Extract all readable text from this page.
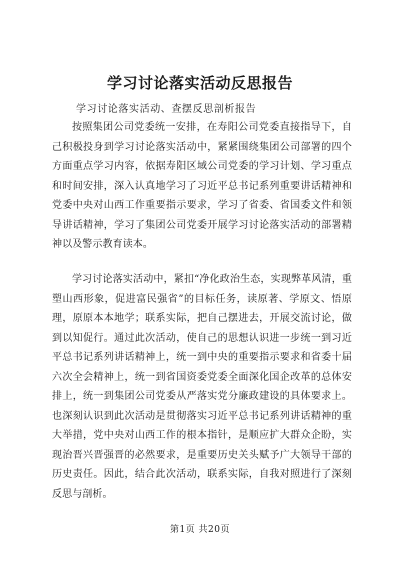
学习讨论落实活动反思报告
学习讨论落实活动、查摆反思剖析报告
按照集团公司党委统一安排，在寿阳公司党委直接指导下，自己积极投身到学习讨论落实活动中，紧紧围绕集团公司部署的四个方面重点学习内容，依据寿阳区域公司党委的学习计划、学习重点和时间安排，深入认真地学习了习近平总书记系列重要讲话精神和党委中央对山西工作重要指示要求，学习了省委、省国委文件和领导讲话精神，学习了集团公司党委开展学习讨论落实活动的部署精神以及警示教育读本。
学习讨论落实活动中，紧扣“净化政治生态，实现弊革风清，重塑山西形象，促进富民强省”的目标任务，读原著、学原文、悟原理，原原本本地学；联系实际，把自己摆进去，开展交流讨论，做到以知促行。通过此次活动，使自己的思想认识进一步统一到习近平总书记系列讲话精神上，统一到中央的重要指示要求和省委十届六次全会精神上，统一到省国资委党委全面深化国企改革的总体安排上，统一到集团公司党委从严落实党分廉政建设的具体要求上。也深刻认识到此次活动是贯彻落实习近平总书记系列讲话精神的重大举措，党中央对山西工作的根本指针，是顺应扩大群众企盼，实现治晋兴晋强晋的必然要求，是重要历史关头赋予广大领导干部的历史责任。因此，结合此次活动，联系实际，自我对照进行了深刻反思与剖析。
第1页 共20页
